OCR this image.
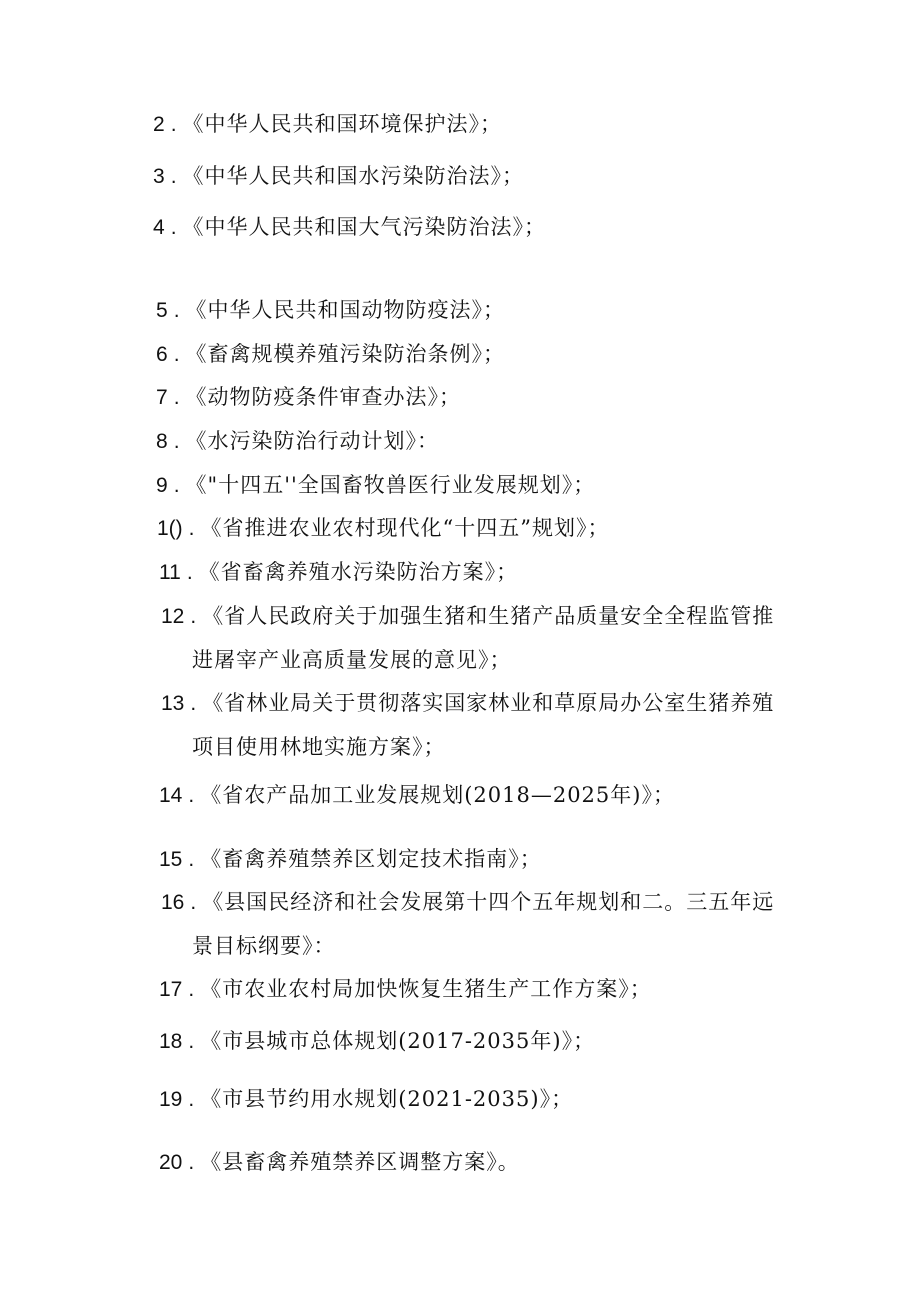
2 . 《中华人民共和国环境保护法》；
3 . 《中华人民共和国水污染防治法》；
4 . 《中华人民共和国大气污染防治法》；
5 . 《中华人民共和国动物防疫法》；
6 . 《畜禽规模养殖污染防治条例》；
7 . 《动物防疫条件审查办法》；
8 . 《水污染防治行动计划》：
9 . 《"十四五''全国畜牧兽医行业发展规划》；
1() . 《省推进农业农村现代化“十四五”规划》；
11 . 《省畜禽养殖水污染防治方案》；
12 . 《省人民政府关于加强生猪和生猪产品质量安全全程监管推
进屠宰产业高质量发展的意见》；
13 . 《省林业局关于贯彻落实国家林业和草原局办公室生猪养殖
项目使用林地实施方案》；
14 . 《省农产品加工业发展规划(2018—2025年)》；
15 . 《畜禽养殖禁养区划定技术指南》；
16 . 《县国民经济和社会发展第十四个五年规划和二。三五年远
景目标纲要》：
17 . 《市农业农村局加快恢复生猪生产工作方案》；
18 . 《市县城市总体规划(2017-2035年)》；
19 . 《市县节约用水规划(2021-2035)》；
20 . 《县畜禽养殖禁养区调整方案》。
